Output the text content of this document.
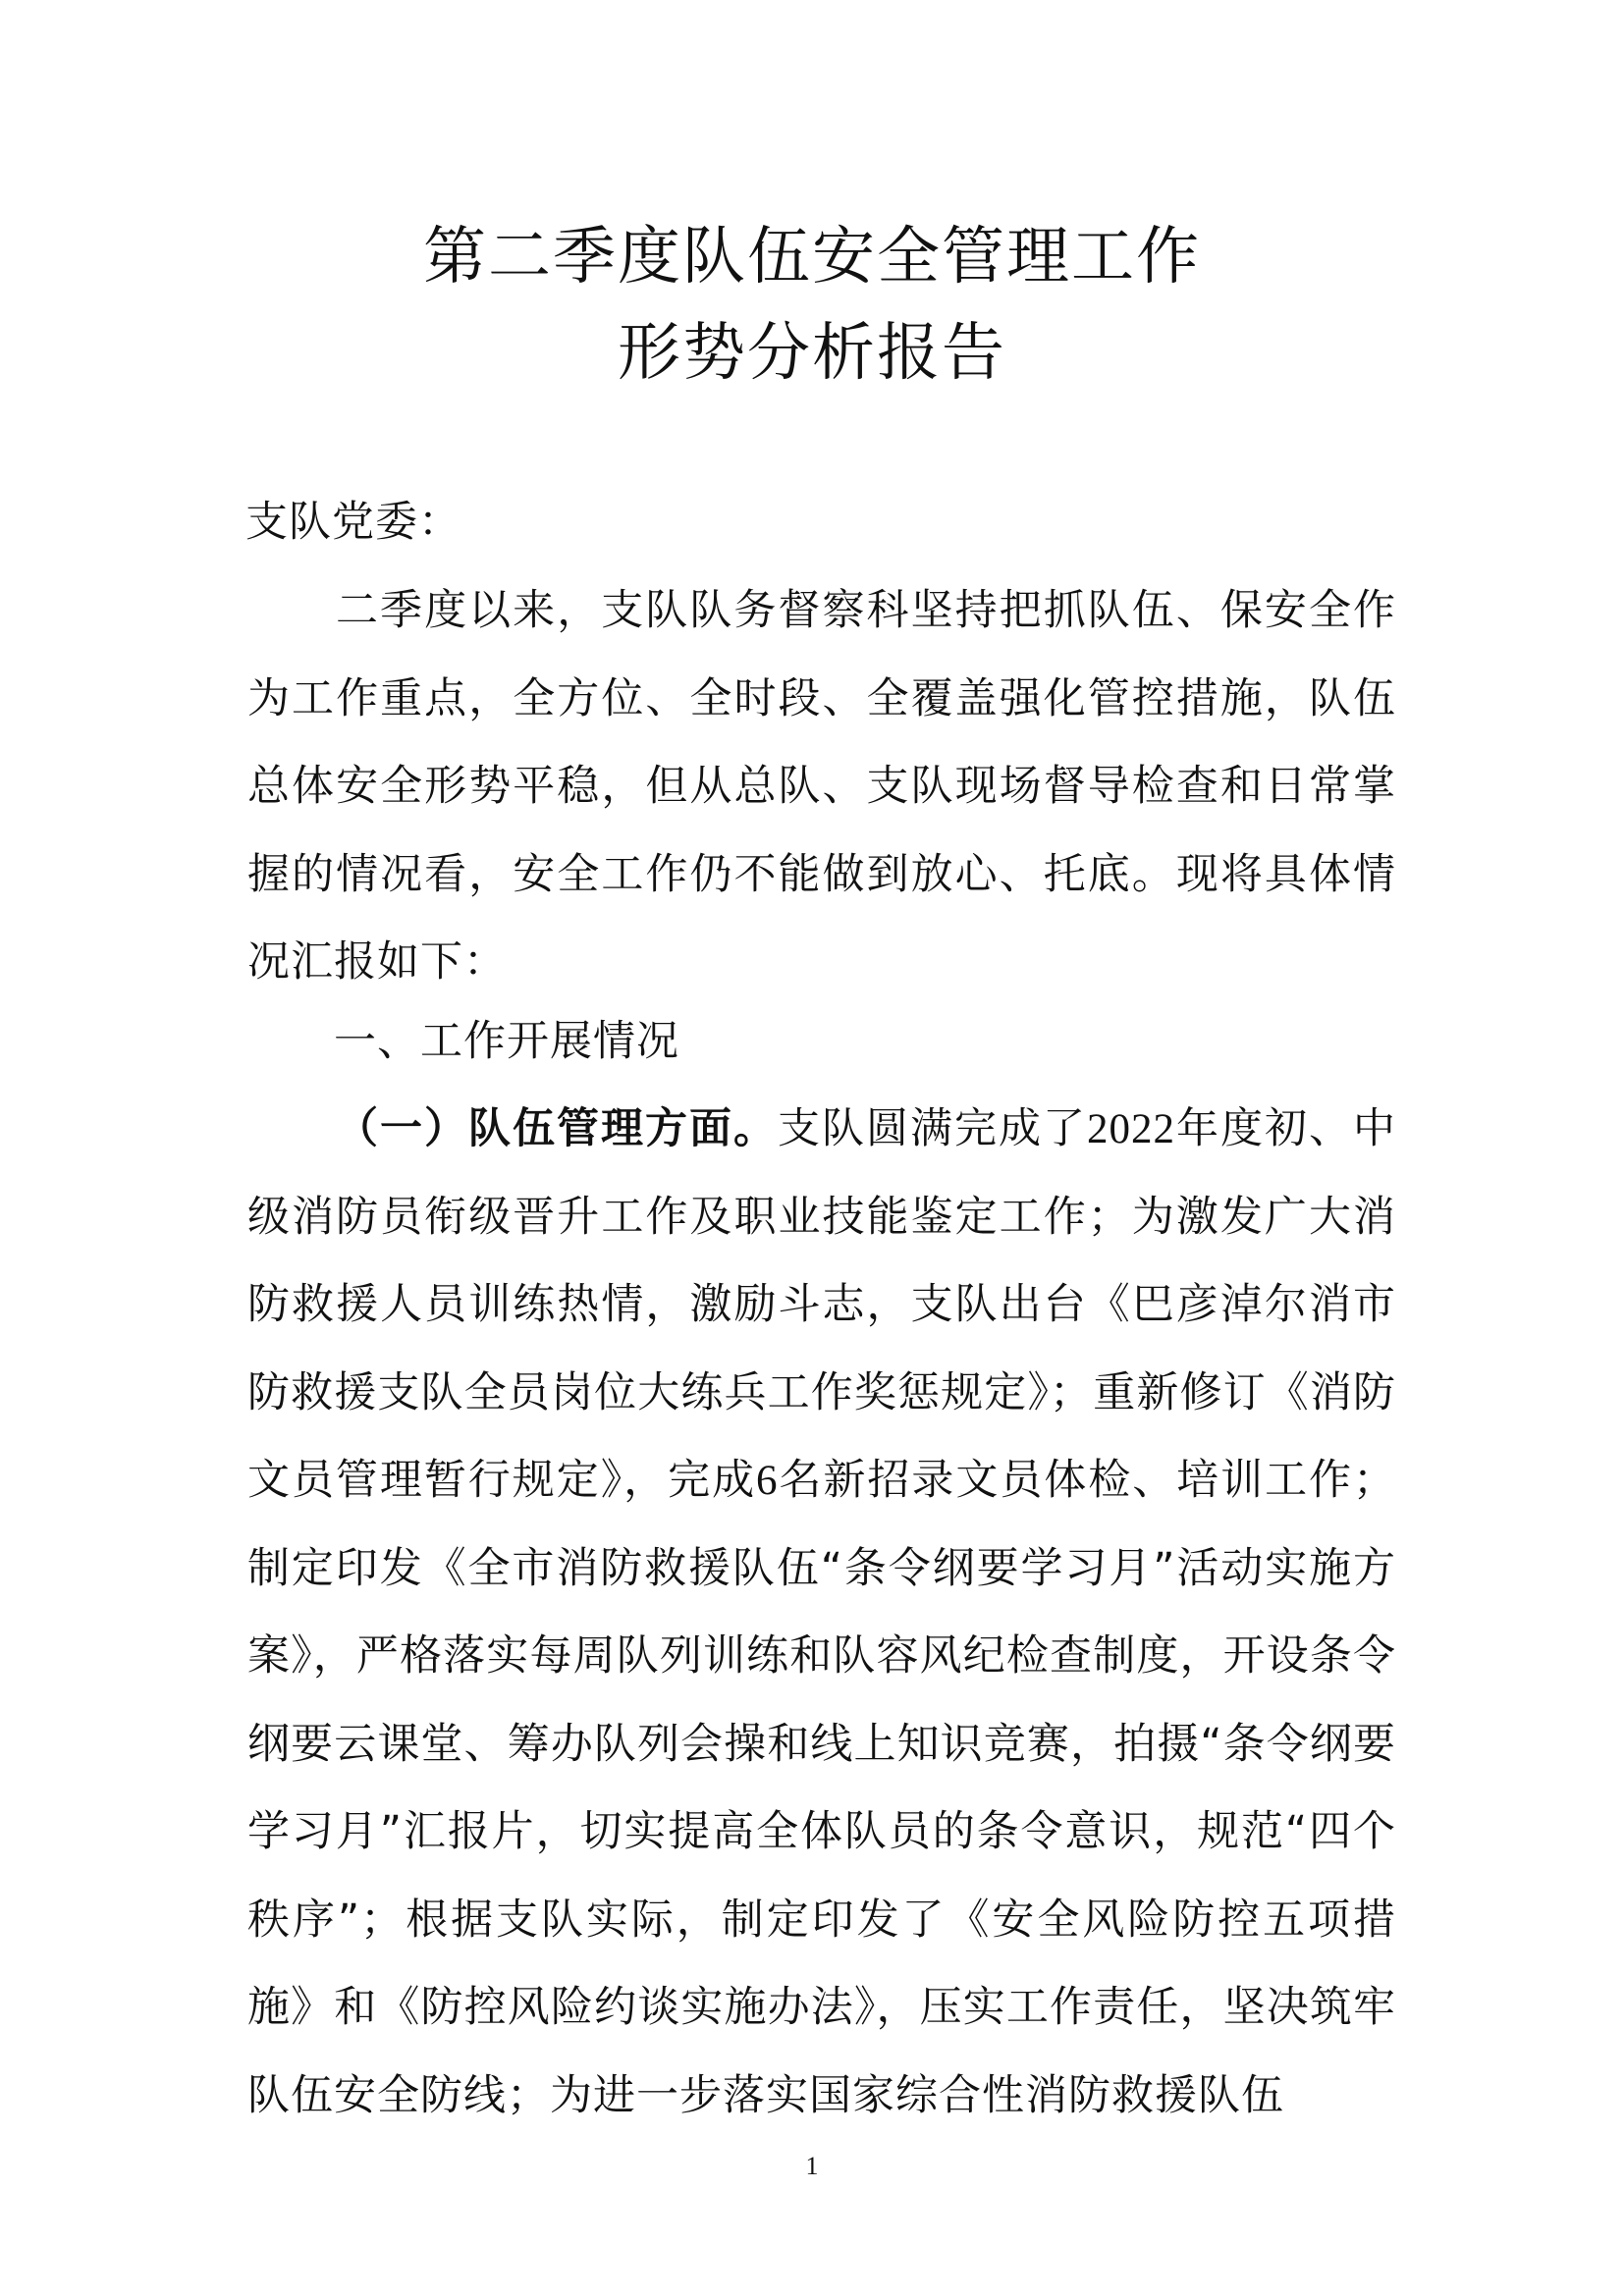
第二季度队伍安全管理工作
形势分析报告
支队党委：
二季度以来，支队队务督察科坚持把抓队伍、保安全作为工作重点，全方位、全时段、全覆盖强化管控措施，队伍总体安全形势平稳，但从总队、支队现场督导检查和日常掌握的情况看，安全工作仍不能做到放心、托底。现将具体情况汇报如下：
一、工作开展情况
（一）队伍管理方面。支队圆满完成了2022年度初、中级消防员衔级晋升工作及职业技能鉴定工作；为激发广大消防救援人员训练热情，激励斗志，支队出台《巴彦淖尔消市防救援支队全员岗位大练兵工作奖惩规定》；重新修订《消防文员管理暂行规定》，完成6名新招录文员体检、培训工作；制定印发《全市消防救援队伍“条令纲要学习月”活动实施方案》，严格落实每周队列训练和队容风纪检查制度，开设条令纲要云课堂、筹办队列会操和线上知识竞赛，拍摄“条令纲要学习月”汇报片，切实提高全体队员的条令意识，规范“四个秩序”；根据支队实际，制定印发了《安全风险防控五项措施》和《防控风险约谈实施办法》，压实工作责任，坚决筑牢队伍安全防线；为进一步落实国家综合性消防救援队伍
1
